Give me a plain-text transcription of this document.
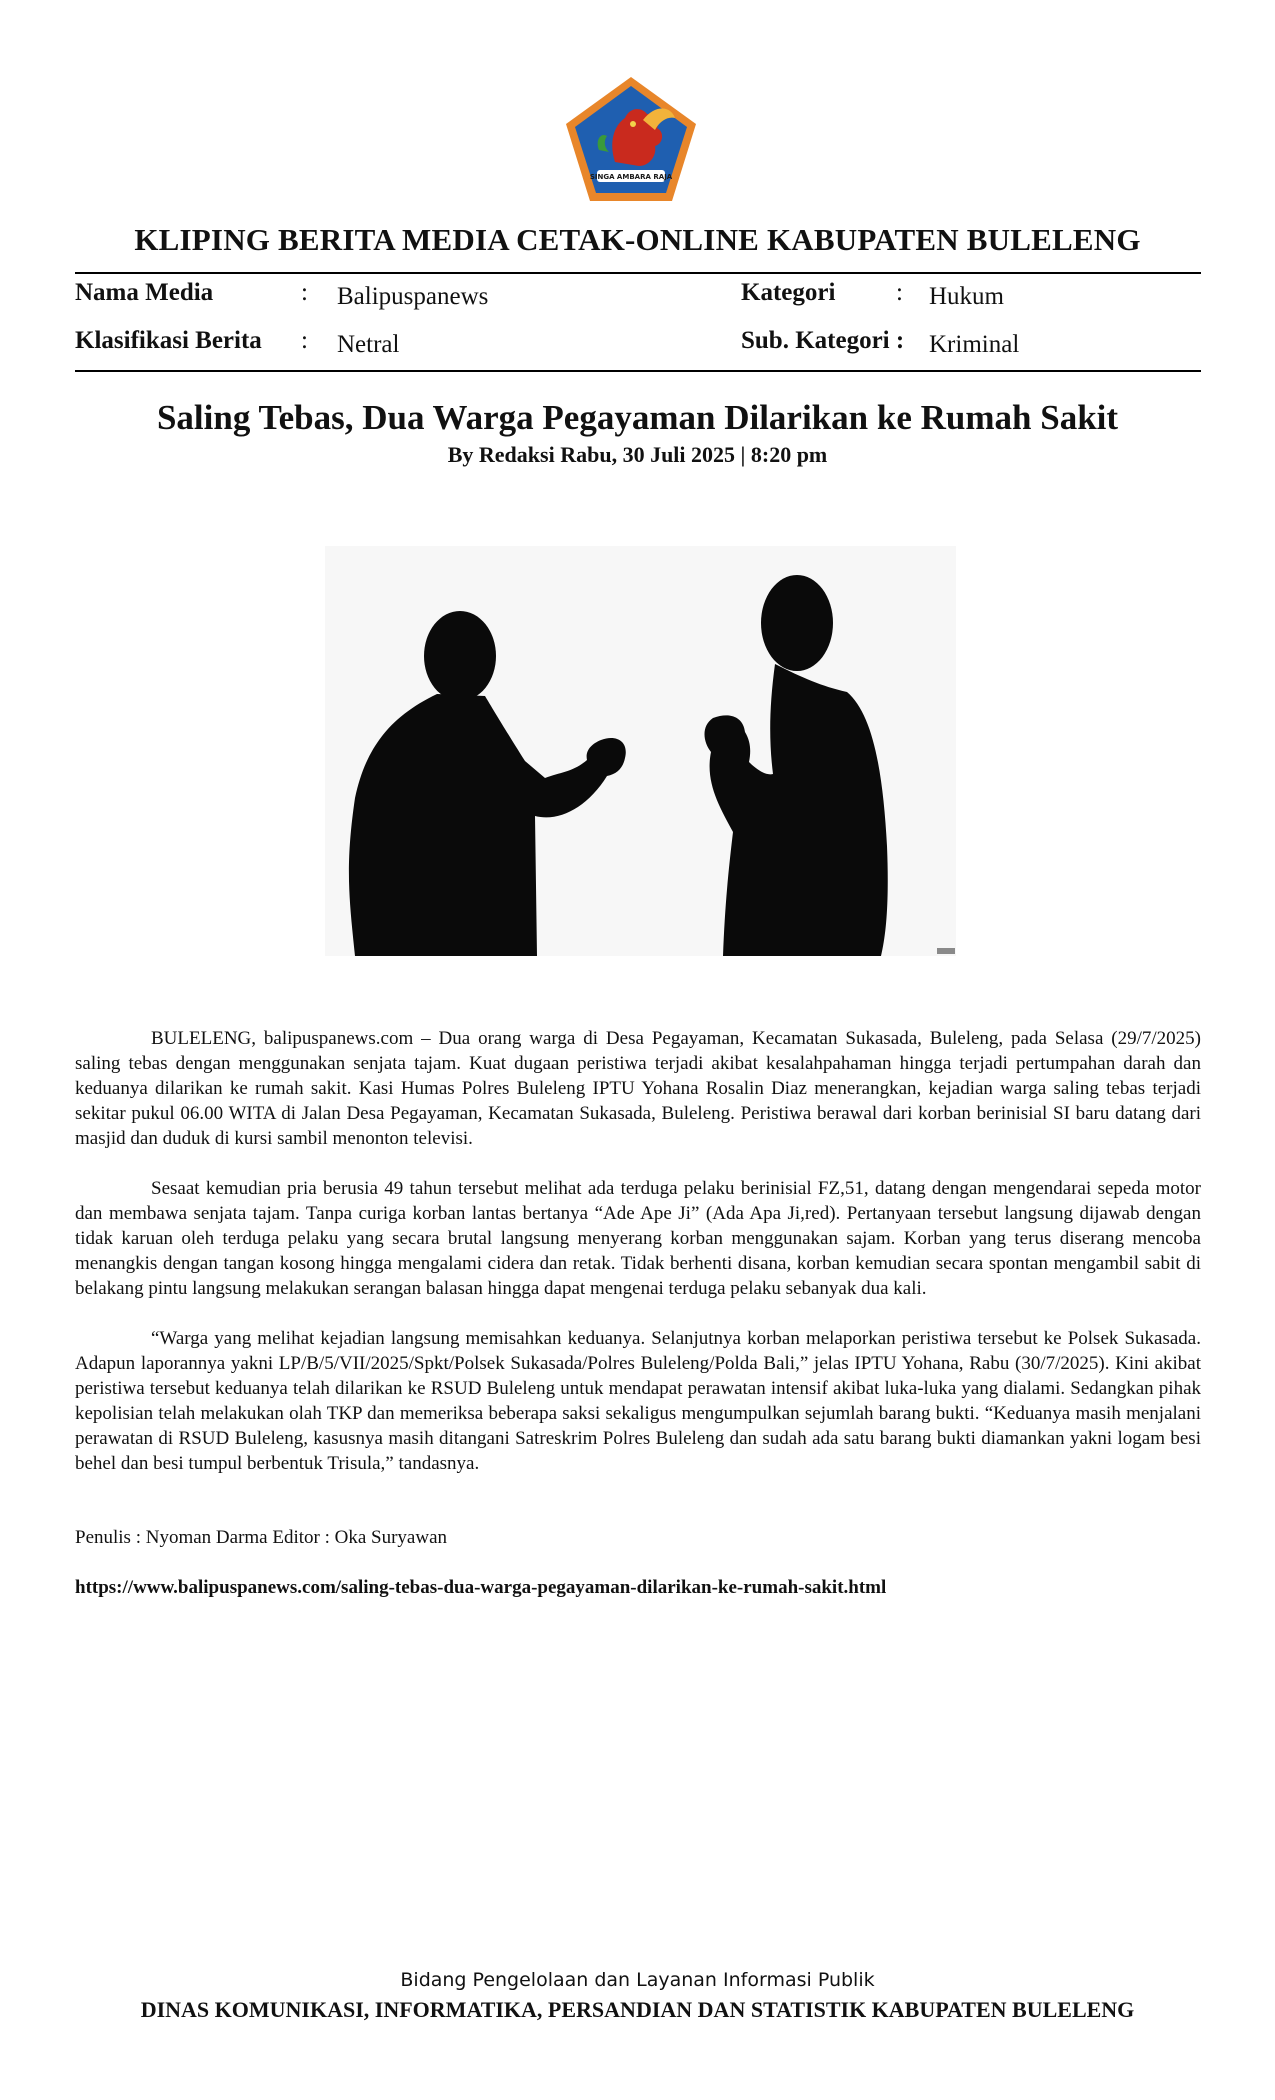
SINGA AMBARA RAJA
KLIPING BERITA MEDIA CETAK-ONLINE KABUPATEN BULELENG
Nama Media	: Balipuspanews
Klasifikasi Berita : Netral
Kategori : Hukum
Sub. Kategori : Kriminal
Saling Tebas, Dua Warga Pegayaman Dilarikan ke Rumah Sakit
By Redaksi Rabu, 30 Juli 2025 | 8:20 pm

BULELENG, balipuspanews.com – Dua orang warga di Desa Pegayaman, Kecamatan Sukasada, Buleleng, pada Selasa (29/7/2025) saling tebas dengan menggunakan senjata tajam. Kuat dugaan peristiwa terjadi akibat kesalahpahaman hingga terjadi pertumpahan darah dan keduanya dilarikan ke rumah sakit. Kasi Humas Polres Buleleng IPTU Yohana Rosalin Diaz menerangkan, kejadian warga saling tebas terjadi sekitar pukul 06.00 WITA di Jalan Desa Pegayaman, Kecamatan Sukasada, Buleleng. Peristiwa berawal dari korban berinisial SI baru datang dari masjid dan duduk di kursi sambil menonton televisi.

Sesaat kemudian pria berusia 49 tahun tersebut melihat ada terduga pelaku berinisial FZ,51, datang dengan mengendarai sepeda motor dan membawa senjata tajam. Tanpa curiga korban lantas bertanya “Ade Ape Ji” (Ada Apa Ji,red). Pertanyaan tersebut langsung dijawab dengan tidak karuan oleh terduga pelaku yang secara brutal langsung menyerang korban menggunakan sajam. Korban yang terus diserang mencoba menangkis dengan tangan kosong hingga mengalami cidera dan retak. Tidak berhenti disana, korban kemudian secara spontan mengambil sabit di belakang pintu langsung melakukan serangan balasan hingga dapat mengenai terduga pelaku sebanyak dua kali.

“Warga yang melihat kejadian langsung memisahkan keduanya. Selanjutnya korban melaporkan peristiwa tersebut ke Polsek Sukasada. Adapun laporannya yakni LP/B/5/VII/2025/Spkt/Polsek Sukasada/Polres Buleleng/Polda Bali,” jelas IPTU Yohana, Rabu (30/7/2025). Kini akibat peristiwa tersebut keduanya telah dilarikan ke RSUD Buleleng untuk mendapat perawatan intensif akibat luka-luka yang dialami. Sedangkan pihak kepolisian telah melakukan olah TKP dan memeriksa beberapa saksi sekaligus mengumpulkan sejumlah barang bukti. “Keduanya masih menjalani perawatan di RSUD Buleleng, kasusnya masih ditangani Satreskrim Polres Buleleng dan sudah ada satu barang bukti diamankan yakni logam besi behel dan besi tumpul berbentuk Trisula,” tandasnya.

Penulis : Nyoman Darma Editor : Oka Suryawan
https://www.balipuspanews.com/saling-tebas-dua-warga-pegayaman-dilarikan-ke-rumah-sakit.html
Bidang Pengelolaan dan Layanan Informasi Publik
DINAS KOMUNIKASI, INFORMATIKA, PERSANDIAN DAN STATISTIK KABUPATEN BULELENG
